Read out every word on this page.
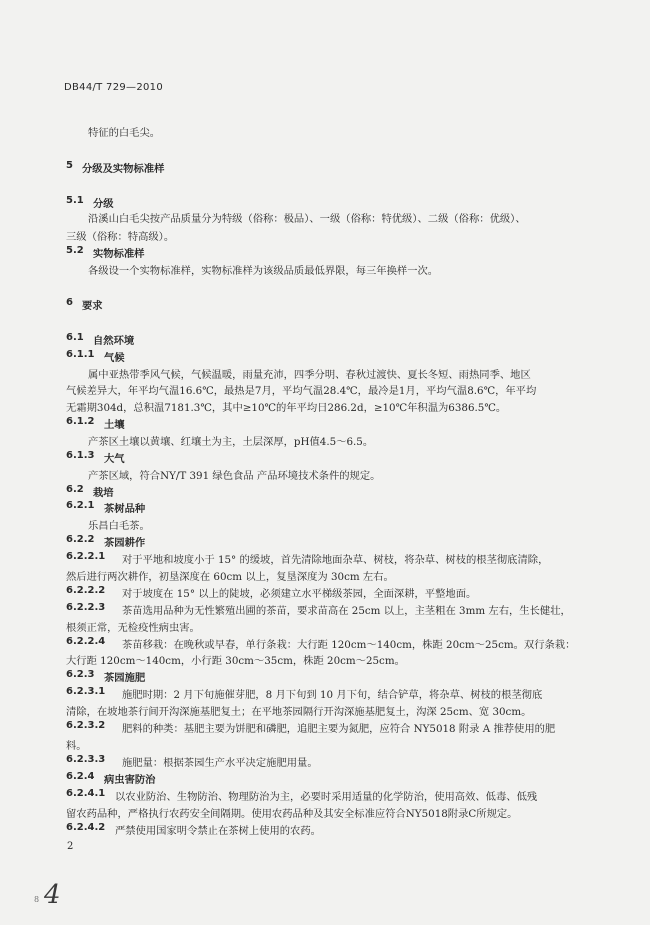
DB44/T 729—2010
特征的白毛尖。
5 分级及实物标准样
5.1 分级
沿溪山白毛尖按产品质量分为特级（俗称：极品）、一级（俗称：特优级）、二级（俗称：优级）、
三级（俗称：特高级）。
5.2 实物标准样
各级设一个实物标准样，实物标准样为该级品质最低界限，每三年换样一次。
6 要求
6.1 自然环境
6.1.1 气候
属中亚热带季风气候，气候温暖，雨量充沛，四季分明、春秋过渡快、夏长冬短、雨热同季、地区
气候差异大，年平均气温16.6℃，最热是7月，平均气温28.4℃，最冷是1月，平均气温8.6℃，年平均
无霜期304d，总积温7181.3℃，其中≥10℃的年平均日286.2d，≥10℃年积温为6386.5℃。
6.1.2 土壤
产茶区土壤以黄壤、红壤土为主，土层深厚，pH值4.5～6.5。
6.1.3 大气
产茶区域，符合NY/T 391 绿色食品 产品环境技术条件的规定。
6.2 栽培
6.2.1 茶树品种
乐昌白毛茶。
6.2.2 茶园耕作
6.2.2.1 对于平地和坡度小于 15° 的缓坡，首先清除地面杂草、树枝，将杂草、树枝的根茎彻底清除，
然后进行两次耕作，初垦深度在 60cm 以上，复垦深度为 30cm 左右。
6.2.2.2 对于坡度在 15° 以上的陡坡，必须建立水平梯级茶园，全面深耕，平整地面。
6.2.2.3 茶苗选用品种为无性繁殖出圃的茶苗，要求苗高在 25cm 以上，主茎粗在 3mm 左右，生长健壮，
根须正常，无检疫性病虫害。
6.2.2.4 茶苗移栽：在晚秋或早春，单行条栽：大行距 120cm～140cm，株距 20cm～25cm。双行条栽：
大行距 120cm～140cm，小行距 30cm～35cm，株距 20cm～25cm。
6.2.3 茶园施肥
6.2.3.1 施肥时期：2 月下旬施催芽肥，8 月下旬到 10 月下旬，结合铲草，将杂草、树枝的根茎彻底
清除，在坡地茶行间开沟深施基肥复土；在平地茶园隔行开沟深施基肥复土，沟深 25cm、宽 30cm。
6.2.3.2 肥料的种类：基肥主要为饼肥和磷肥，追肥主要为氮肥，应符合 NY5018 附录 A 推荐使用的肥
料。
6.2.3.3 施肥量：根据茶园生产水平决定施肥用量。
6.2.4 病虫害防治
6.2.4.1 以农业防治、生物防治、物理防治为主，必要时采用适量的化学防治，使用高效、低毒、低残
留农药品种，严格执行农药安全间隔期。使用农药品种及其安全标准应符合NY5018附录C所规定。
6.2.4.2 严禁使用国家明令禁止在茶树上使用的农药。
2
4
8
